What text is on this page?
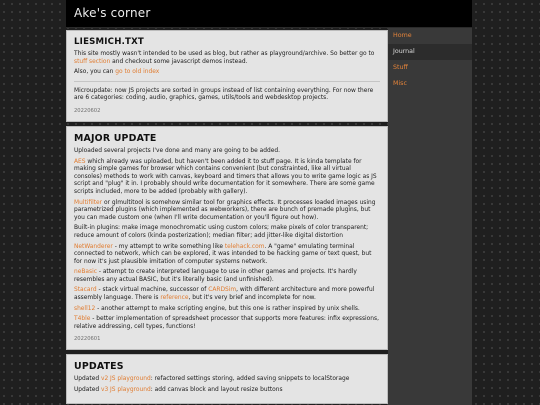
Ake's corner
LIESMICH.TXT

This site mostly wasn't intended to be used as blog, but rather as playground/archive. So better go to stuff section and checkout some javascript demos instead.

Also, you can go to old index

Microupdate: now JS projects are sorted in groups instead of list containing everything. For now there are 6 categories: coding, audio, graphics, games, utils/tools and webdesktop projects.

20220602
MAJOR UPDATE

Uploaded several projects I've done and many are going to be added.

AES which already was uploaded, but haven't been added it to stuff page. It is kinda template for making simple games for browser which contains convenient (but constrainted, like all virtual consoles) methods to work with canvas, keyboard and timers that allows you to write game logic as JS script and "plug" it in. I probably should write documentation for it somewhere. There are some game scripts included, more to be added (probably with gallery).

Multifilter or glmultitool is somehow similar tool for graphics effects. It processes loaded images using parametrized plugins (which implemented as webworkers), there are bunch of premade plugins, but you can made custom one (when I'll write documentation or you'll figure out how).

Built-in plugins: make image monochromatic using custom colors; make pixels of color transparent; reduce amount of colors (kinda posterization); median filter; add jitter-like digital distortion

NetWanderer - my attempt to write something like telehack.com. A "game" emulating terminal connected to network, which can be explored, it was intended to be hacking game or text quest, but for now it's just plausible imitation of computer systems network.

neBasic - attempt to create interpreted language to use in other games and projects. It's hardly resembles any actual BASIC, but it's literally basic (and unfinished).

Stacard - stack virtual machine, successor of CARDSim, with different architecture and more powerful assembly language. There is reference, but it's very brief and incomplete for now.

shell12 - another attempt to make scripting engine, but this one is rather inspired by unix shells.

T4ble - better implementation of spreadsheet processor that supports more features: infix expressions, relative addressing, cell types, functions!

20220601
UPDATES

Updated v2 JS playground: refactored settings storing, added saving snippets to localStorage

Updated v3 JS playground: add canvas block and layout resize buttons

Home
Journal
Stuff
Misc
